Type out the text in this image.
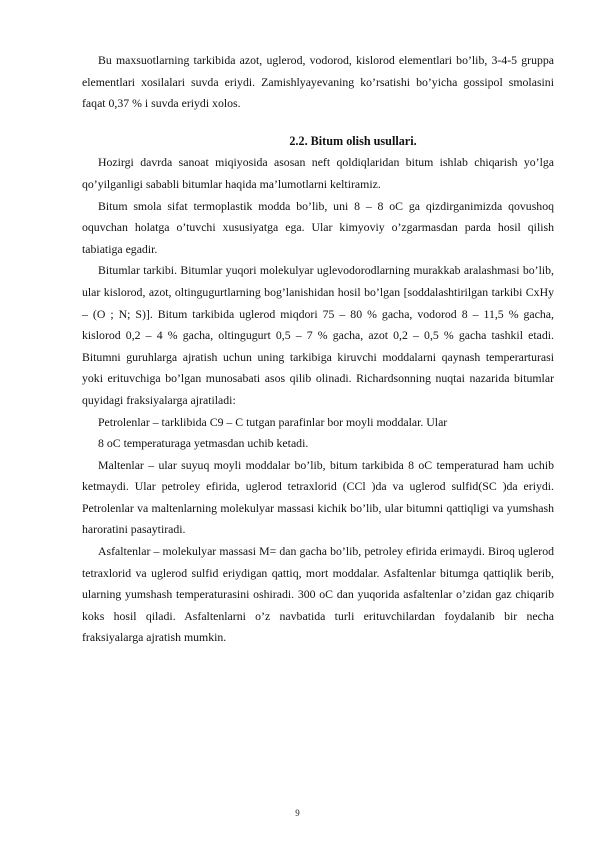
Bu maxsuotlarning tarkibida azot, uglerod, vodorod, kislorod elementlari bo’lib, 3-4-5 gruppa elementlari xosilalari suvda eriydi. Zamishlyayevaning ko’rsatishi bo’yicha gossipol smolasini faqat 0,37 % i suvda eriydi xolos.

2.2. Bitum olish usullari.

Hozirgi davrda sanoat miqiyosida asosan neft qoldiqlaridan bitum ishlab chiqarish yo’lga qo’yilganligi sababli bitumlar haqida ma’lumotlarni keltiramiz.

Bitum smola sifat termoplastik modda bo’lib, uni 8 – 8 oC ga qizdirganimizda qovushoq oquvchan holatga o’tuvchi xususiyatga ega. Ular kimyoviy o’zgarmasdan parda hosil qilish tabiatiga egadir.

Bitumlar tarkibi. Bitumlar yuqori molekulyar uglevodorodlarning murakkab aralashmasi bo’lib, ular kislorod, azot, oltingugurtlarning bog’lanishidan hosil bo’lgan [soddalashtirilgan tarkibi CxHy – (O ; N; S)]. Bitum tarkibida uglerod miqdori 75 – 80 % gacha, vodorod 8 – 11,5 % gacha, kislorod 0,2 – 4 % gacha, oltingugurt 0,5 – 7 % gacha, azot 0,2 – 0,5 % gacha tashkil etadi. Bitumni guruhlarga ajratish uchun uning tarkibiga kiruvchi moddalarni qaynash temperarturasi yoki erituvchiga bo’lgan munosabati asos qilib olinadi. Richardsonning nuqtai nazarida bitumlar quyidagi fraksiyalarga ajratiladi:

Petrolenlar – tarklibida C9 – C tutgan parafinlar bor moyli moddalar. Ular

8 oC temperaturaga yetmasdan uchib ketadi.

Maltenlar – ular suyuq moyli moddalar bo’lib, bitum tarkibida 8 oC temperaturad ham uchib ketmaydi. Ular petroley efirida, uglerod tetraxlorid (CCl )da va uglerod sulfid(SC )da eriydi. Petrolenlar va maltenlarning molekulyar massasi kichik bo’lib, ular bitumni qattiqligi va yumshash haroratini pasaytiradi.

Asfaltenlar – molekulyar massasi M= dan gacha bo’lib, petroley efirida erimaydi. Biroq uglerod tetraxlorid va uglerod sulfid eriydigan qattiq, mort moddalar. Asfaltenlar bitumga qattiqlik berib, ularning yumshash temperaturasini oshiradi. 300 oC dan yuqorida asfaltenlar o’zidan gaz chiqarib koks hosil qiladi. Asfaltenlarni o’z navbatida turli erituvchilardan foydalanib bir necha fraksiyalarga ajratish mumkin.

9
